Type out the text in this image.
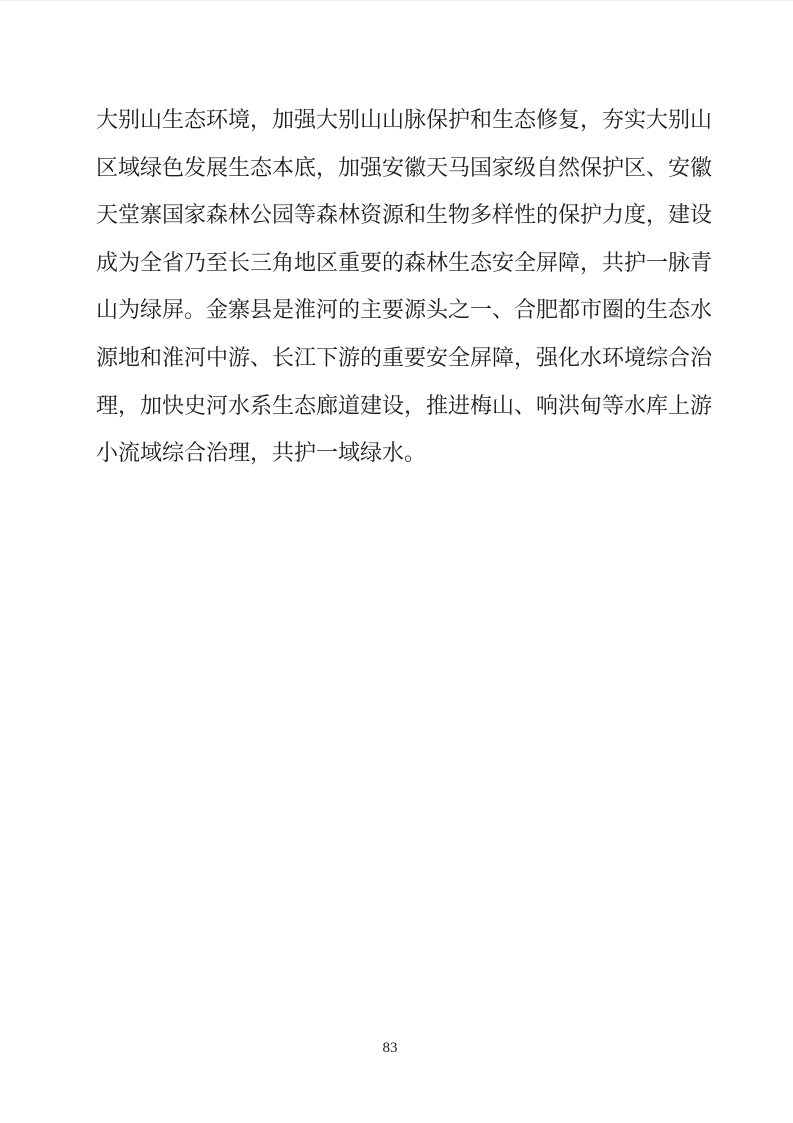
大别山生态环境，加强大别山山脉保护和生态修复，夯实大别山
区域绿色发展生态本底，加强安徽天马国家级自然保护区、安徽
天堂寨国家森林公园等森林资源和生物多样性的保护力度，建设
成为全省乃至长三角地区重要的森林生态安全屏障，共护一脉青
山为绿屏。金寨县是淮河的主要源头之一、合肥都市圈的生态水
源地和淮河中游、长江下游的重要安全屏障，强化水环境综合治
理，加快史河水系生态廊道建设，推进梅山、响洪甸等水库上游
小流域综合治理，共护一域绿水。
83
